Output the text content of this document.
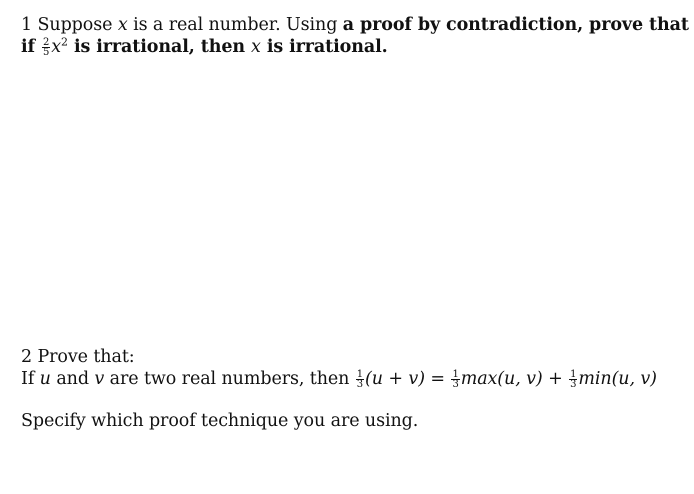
1 Suppose x is a real number. Using a proof by contradiction, prove that
if $\frac{2}{5} x^2$ is irrational, then x is irrational.
2 Prove that:
If u and v are two real numbers, then $\frac{1}{3} (u + v) = \frac{1}{3} \max(u$, $v) + \frac{1}{3} \min(u$, v)
Specify which proof technique you are using.
